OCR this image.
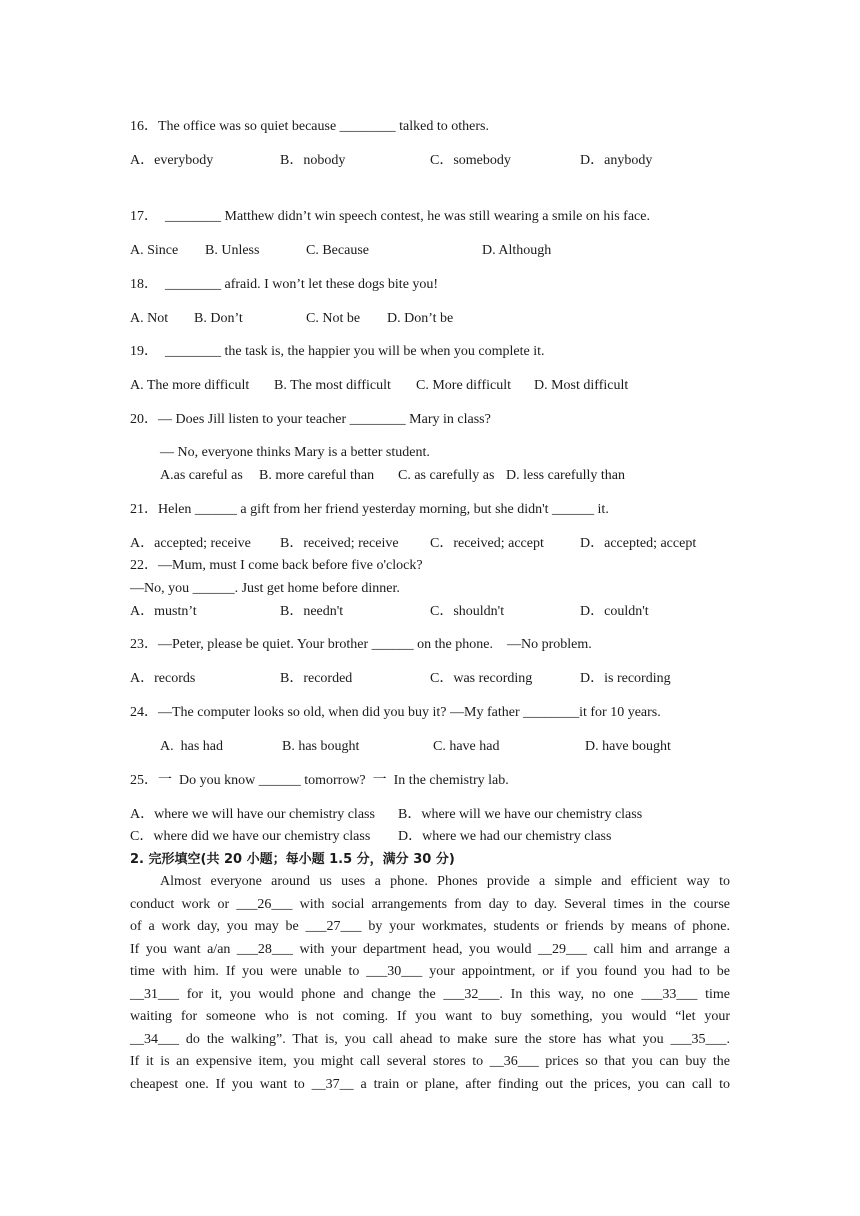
16．The office was so quiet because ________ talked to others.
A．everybody	B．nobody	C．somebody	D．anybody
17．  ________ Matthew didn’t win speech contest, he was still wearing a smile on his face.
A. Since B. Unless	C. Because	D. Although
18．  ________ afraid. I won’t let these dogs bite you!
A. Not B. Don’t	C. Not be D. Don’t be
19．  ________ the task is, the happier you will be when you complete it.
A. The more difficult B. The most difficult C. More difficult D. Most difficult
20．— Does Jill listen to your teacher ________ Mary in class?
— No, everyone thinks Mary is a better student.
A.as careful as B. more careful than C. as carefully as D. less carefully than
21．Helen ______ a gift from her friend yesterday morning, but she didn't ______ it.
A．accepted; receive B．received; receive C．received; accept	D．accepted; accept
22．—Mum, must I come back before five o'clock?
—No, you ______. Just get home before dinner.
A．mustn’t	B．needn't	C．shouldn't	D．couldn't
23．—Peter, please be quiet. Your brother ______ on the phone.    —No problem.
A．records	B．recorded	C．was recording	D．is recording
24．—The computer looks so old, when did you buy it? —My father ________it for 10 years.
A.  has had	B. has bought	C. have had	D. have bought
25．一  Do you know ______ tomorrow?  一  In the chemistry lab.
A．where we will have our chemistry class B．where will we have our chemistry class
C．where did we have our chemistry class D．where we had our chemistry class
2. 完形填空(共 20 小题；每小题 1.5 分，满分 30 分)
Almost everyone around us uses a phone. Phones provide a simple and efficient way to
conduct work or ___26___ with social arrangements from day to day. Several times in the course
of a work day, you may be ___27___ by your workmates, students or friends by means of phone.
If you want a/an ___28___ with your department head, you would __29___ call him and arrange a
time with him. If you were unable to ___30___ your appointment, or if you found you had to be
__31___ for it, you would phone and change the ___32___. In this way, no one ___33___ time
waiting for someone who is not coming. If you want to buy something, you would “let your
__34___ do the walking”. That is, you call ahead to make sure the store has what you ___35___.
If it is an expensive item, you might call several stores to __36___ prices so that you can buy the
cheapest one. If you want to __37__ a train or plane, after finding out the prices, you can call to
